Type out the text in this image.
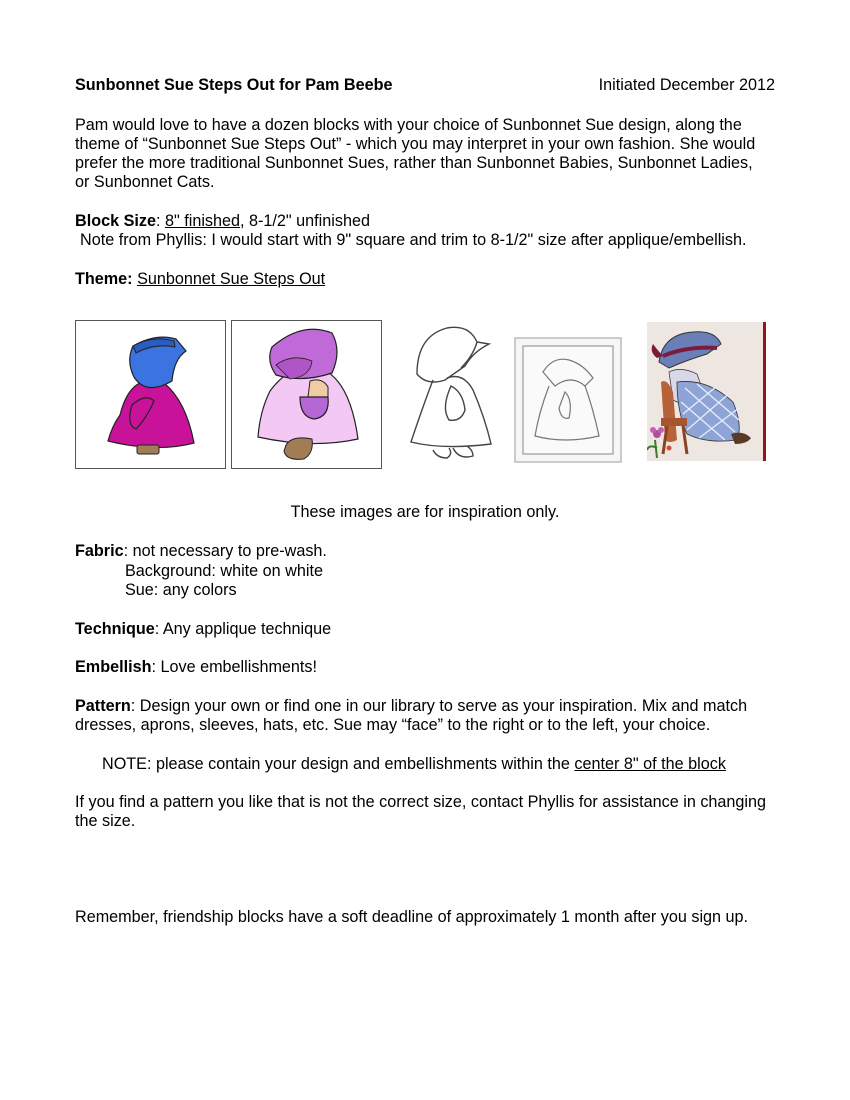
Sunbonnet Sue Steps Out for Pam Beebe	Initiated December 2012
Pam would love to have a dozen blocks with your choice of Sunbonnet Sue design, along the
theme of “Sunbonnet Sue Steps Out” - which you may interpret in your own fashion. She would
prefer the more traditional Sunbonnet Sues, rather than Sunbonnet Babies, Sunbonnet Ladies,
or Sunbonnet Cats.
Block Size: 8" finished, 8-1/2" unfinished
Note from Phyllis: I would start with 9" square and trim to 8-1/2" size after applique/embellish.
Theme: Sunbonnet Sue Steps Out
These images are for inspiration only.
Fabric: not necessary to pre-wash.
Background: white on white
Sue: any colors
Technique: Any applique technique
Embellish: Love embellishments!
Pattern: Design your own or find one in our library to serve as your inspiration. Mix and match
dresses, aprons, sleeves, hats, etc. Sue may “face” to the right or to the left, your choice.
NOTE: please contain your design and embellishments within the center 8" of the block
If you find a pattern you like that is not the correct size, contact Phyllis for assistance in changing
the size.
Remember, friendship blocks have a soft deadline of approximately 1 month after you sign up.
